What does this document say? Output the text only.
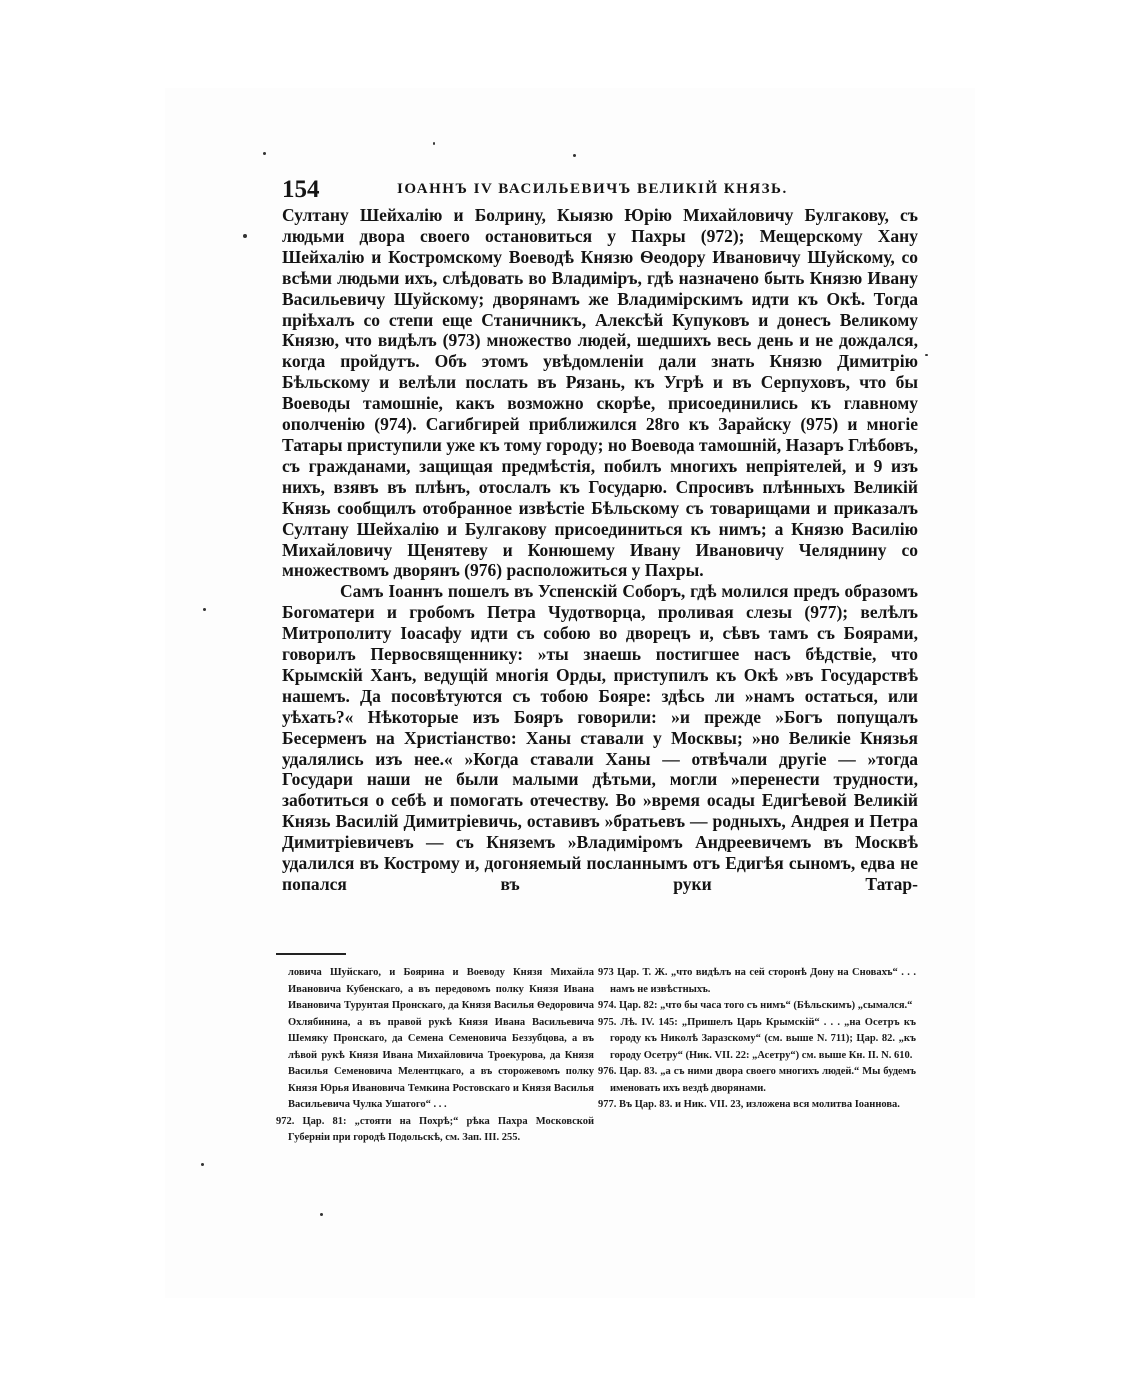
154	ІОАННЪ IV ВАСИЛЬЕВИЧЪ ВЕЛИКІЙ КНЯЗЬ.

Султану Шейхалію и Болрину, Кыязю Юрію Михайловичу Булгакову, съ людьми двора своего остановиться у Пахры (972); Мещерскому Хану Шейхалію и Костромскому Воеводѣ Князю Ѳеодору Ивановичу Шуйскому, со всѣми людьми ихъ, слѣдовать во Владиміръ, гдѣ назначено быть Князю Ивану Васильевичу Шуйскому; дворянамъ же Владимірскимъ идти къ Окѣ. Тогда пріѣхалъ со степи еще Станичникъ, Алексѣй Купуковъ и донесъ Великому Князю, что видѣлъ (973) множество людей, шедшихъ весь день и не дождался, когда пройдутъ. Объ этомъ увѣдомленіи дали знать Князю Димитрію Бѣльскому и велѣли послать въ Рязань, къ Угрѣ и въ Серпуховъ, что бы Воеводы тамошніе, какъ возможно скорѣе, присоединились къ главному ополченію (974). Сагибгирей приближился 28го къ Зарайску (975) и многіе Татары приступили уже къ тому городу; но Воевода тамошній, Назаръ Глѣбовъ, съ гражданами, защищая предмѣстія, побилъ многихъ непріятелей, и 9 изъ нихъ, взявъ въ плѣнъ, отослалъ къ Государю. Спросивъ плѣнныхъ Великій Князь сообщилъ отобранное извѣстіе Бѣльскому съ товарищами и приказалъ Султану Шейхалію и Булгакову присоединиться къ нимъ; а Князю Василію Михайловичу Щенятеву и Конюшему Ивану Ивановичу Челяднину со множествомъ дворянъ (976) расположиться у Пахры.

Самъ Іоаннъ пошелъ въ Успенскій Соборъ, гдѣ молился предъ образомъ Богоматери и гробомъ Петра Чудотворца, проливая слезы (977); велѣлъ Митрополиту Іоасафу идти съ собою во дворецъ и, сѣвъ тамъ съ Боярами, говорилъ Первосвященнику: »ты знаешь постигшее насъ бѣдствіе, что Крымскій Ханъ, ведущій многія Орды, приступилъ къ Окѣ »въ Государствѣ нашемъ. Да посовѣтуются съ тобою Бояре: здѣсь ли »намъ остаться, или уѣхать?« Нѣкоторые изъ Бояръ говорили: »и прежде »Богъ попущалъ Бесерменъ на Христіанство: Ханы ставали у Москвы; »но Великіе Князья удалялись изъ нее.« »Когда ставали Ханы — отвѣчали другіе — »тогда Государи наши не были малыми дѣтьми, могли »перенести трудности, заботиться о себѣ и помогать отечеству. Во »время осады Едигѣевой Великій Князь Василій Димитріевичь, оставивъ »братьевъ — родныхъ, Андрея и Петра Димитріевичевъ — съ Княземъ »Владиміромъ Андреевичемъ въ Москвѣ удалился въ Кострому и, догоняемый посланнымъ отъ Едигѣя сыномъ, едва не попался въ руки Татар-

ловича Шуйскаго, и Боярина и Воеводу Князя Михайла Ивановича Кубенскаго, а въ передовомъ полку Князя Ивана Ивановича Турунтая Пронскаго, да Князя Василья Ѳедоровича Охлябинина, а въ правой рукѣ Князя Ивана Васильевича Шемяку Пронскаго, да Семена Семеновича Беззубцова, а въ лѣвой рукѣ Князя Ивана Михайловича Троекурова, да Князя Василья Семеновича Мелентцкаго, а въ сторожевомъ полку Князя Юрья Ивановича Темкина Ростовскаго и Князя Василья Васильевича Чулка Ушатого“ . . .

972. Цар. 81: „стояти на Похрѣ;“ рѣка Пахра Московской Губерніи при городѣ Подольскѣ, см. Зап. III. 255.

973 Цар. Т. Ж. „что видѣлъ на сей сторонѣ Дону на Сновахъ“ . . . намъ не извѣстныхъ.

974. Цар. 82: „что бы часа того съ нимъ“ (Бѣльскимъ) „сымался.“

975. Лѣ. IV. 145: „Пришелъ Царь Крымскій“ . . . „на Осетръ къ городу къ Николѣ Зарaзскому“ (см. выше N. 711); Цар. 82. „къ городу Осетру“ (Ник. VII. 22: „Асетру“) см. выше Кн. II. N. 610.

976. Цар. 83. „а съ ними двора своего многихъ людей.“ Мы будемъ именовать ихъ вездѣ дворянами.

977. Въ Цар. 83. и Ник. VII. 23, изложена вся молитва Іоаннова.
